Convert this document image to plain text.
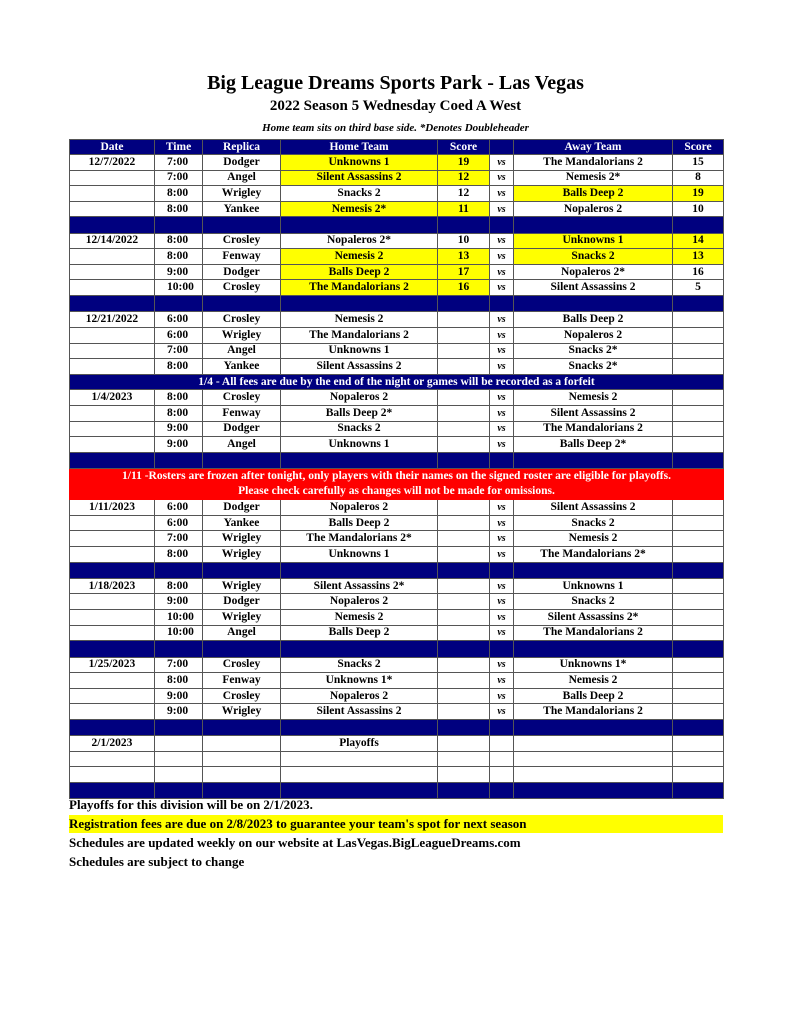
Big League Dreams Sports Park - Las Vegas
2022 Season 5 Wednesday Coed A West
Home team sits on third base side. *Denotes Doubleheader
Date	Time	Replica	Home Team	Score		Away Team	Score
12/7/2022	7:00	Dodger	Unknowns 1	19	vs	The Mandalorians 2	15
	7:00	Angel	Silent Assassins 2	12	vs	Nemesis 2*	8
	8:00	Wrigley	Snacks 2	12	vs	Balls Deep 2	19
	8:00	Yankee	Nemesis 2*	11	vs	Nopaleros 2	10

12/14/2022	8:00	Crosley	Nopaleros 2*	10	vs	Unknowns 1	14
	8:00	Fenway	Nemesis 2	13	vs	Snacks 2	13
	9:00	Dodger	Balls Deep 2	17	vs	Nopaleros 2*	16
	10:00	Crosley	The Mandalorians 2	16	vs	Silent Assassins 2	5

12/21/2022	6:00	Crosley	Nemesis 2		vs	Balls Deep 2	
	6:00	Wrigley	The Mandalorians 2		vs	Nopaleros 2	
	7:00	Angel	Unknowns 1		vs	Snacks 2*	
	8:00	Yankee	Silent Assassins 2		vs	Snacks 2*	
1/4 - All fees are due by the end of the night or games will be recorded as a forfeit							
1/4/2023	8:00	Crosley	Nopaleros 2		vs	Nemesis 2	
	8:00	Fenway	Balls Deep 2*		vs	Silent Assassins 2	
	9:00	Dodger	Snacks 2		vs	The Mandalorians 2	
	9:00	Angel	Unknowns 1		vs	Balls Deep 2*	

1/11 -Rosters are frozen after tonight, only players with their names on the signed roster are eligible for playoffs.							
Please check carefully as changes will not be made for omissions.							
1/11/2023	6:00	Dodger	Nopaleros 2		vs	Silent Assassins 2	
	6:00	Yankee	Balls Deep 2		vs	Snacks 2	
	7:00	Wrigley	The Mandalorians 2*		vs	Nemesis 2	
	8:00	Wrigley	Unknowns 1		vs	The Mandalorians 2*	

1/18/2023	8:00	Wrigley	Silent Assassins 2*		vs	Unknowns 1	
	9:00	Dodger	Nopaleros 2		vs	Snacks 2	
	10:00	Wrigley	Nemesis 2		vs	Silent Assassins 2*	
	10:00	Angel	Balls Deep 2		vs	The Mandalorians 2	

1/25/2023	7:00	Crosley	Snacks 2		vs	Unknowns 1*	
	8:00	Fenway	Unknowns 1*		vs	Nemesis 2	
	9:00	Crosley	Nopaleros 2		vs	Balls Deep 2	
	9:00	Wrigley	Silent Assassins 2		vs	The Mandalorians 2	

2/1/2023			Playoffs				

Playoffs for this division will be on 2/1/2023.
Registration fees are due on 2/8/2023 to guarantee your team's spot for next season
Schedules are updated weekly on our website at LasVegas.BigLeagueDreams.com
Schedules are subject to change
